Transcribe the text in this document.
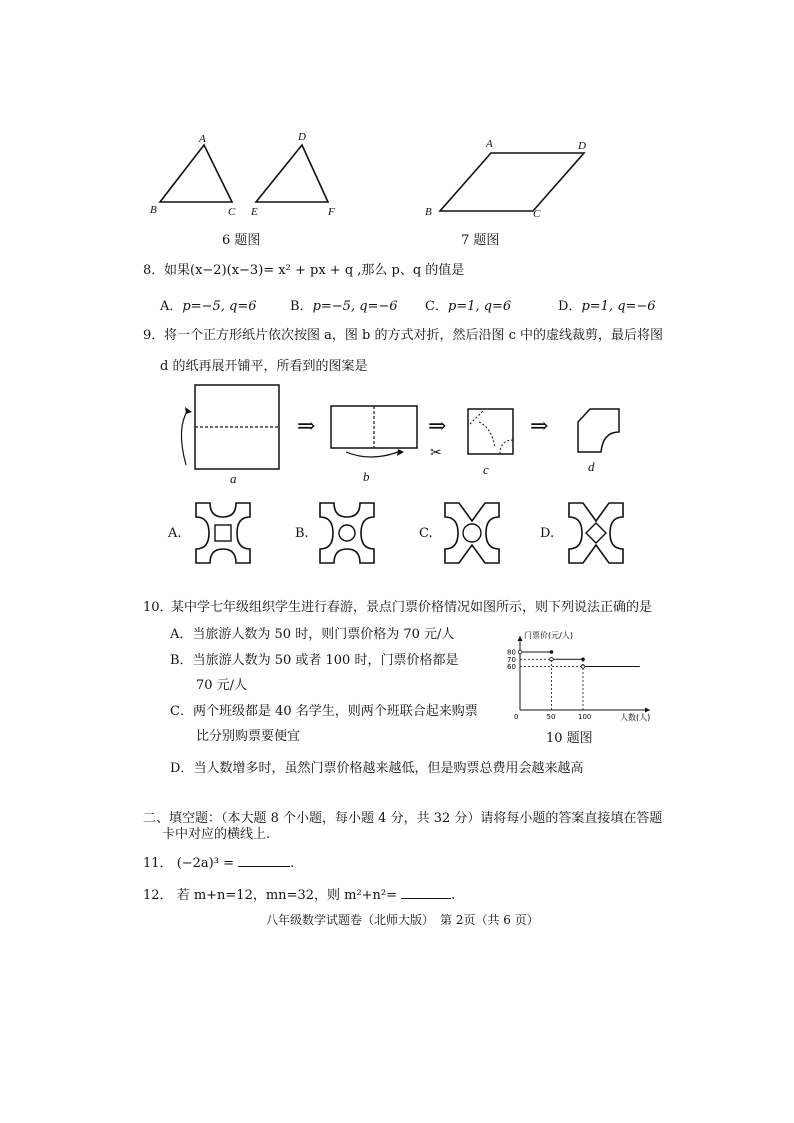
A
B	C
D
E	F
6 题图
A	D
B	C
7 题图
8． 如果(x−2)(x−3)= x² + px + q ,那么 p、q 的值是
A．p=−5, q=6	B．p=−5, q=−6 C．p=1, q=6	D．p=1, q=−6
9． 将一个正方形纸片依次按图 a，图 b 的方式对折，然后沿图 c 中的虚线裁剪，最后将图
d 的纸再展开铺平，所看到的图案是
⇒	⇒	⇒
✂
a	b	c	d
A.	B.	C.	D.
10．
某中学七年级组织学生进行春游，景点门票价格情况如图所示，则下列说法正确的是
A．当旅游人数为 50 时，则门票价格为 70 元/人
B．当旅游人数为 50 或者 100 时，门票价格都是
70 元/人
C．两个班级都是 40 名学生，则两个班联合起来购票
比分别购票要便宜
D．当人数增多时，虽然门票价格越来越低，但是购票总费用会越来越高
门票价(元/人)
人数(人)
0
60
70
80
50	100
10 题图
二、填空题：（本大题 8 个小题，每小题 4 分，共 32 分）请将每小题的答案直接填在答题
卡中对应的横线上.
11． (−2a)³ =	.
12． 若 m+n=12，mn=32，则 m²+n²=	.
八年级数学试题卷（北师大版）　第 2页（共 6 页）
